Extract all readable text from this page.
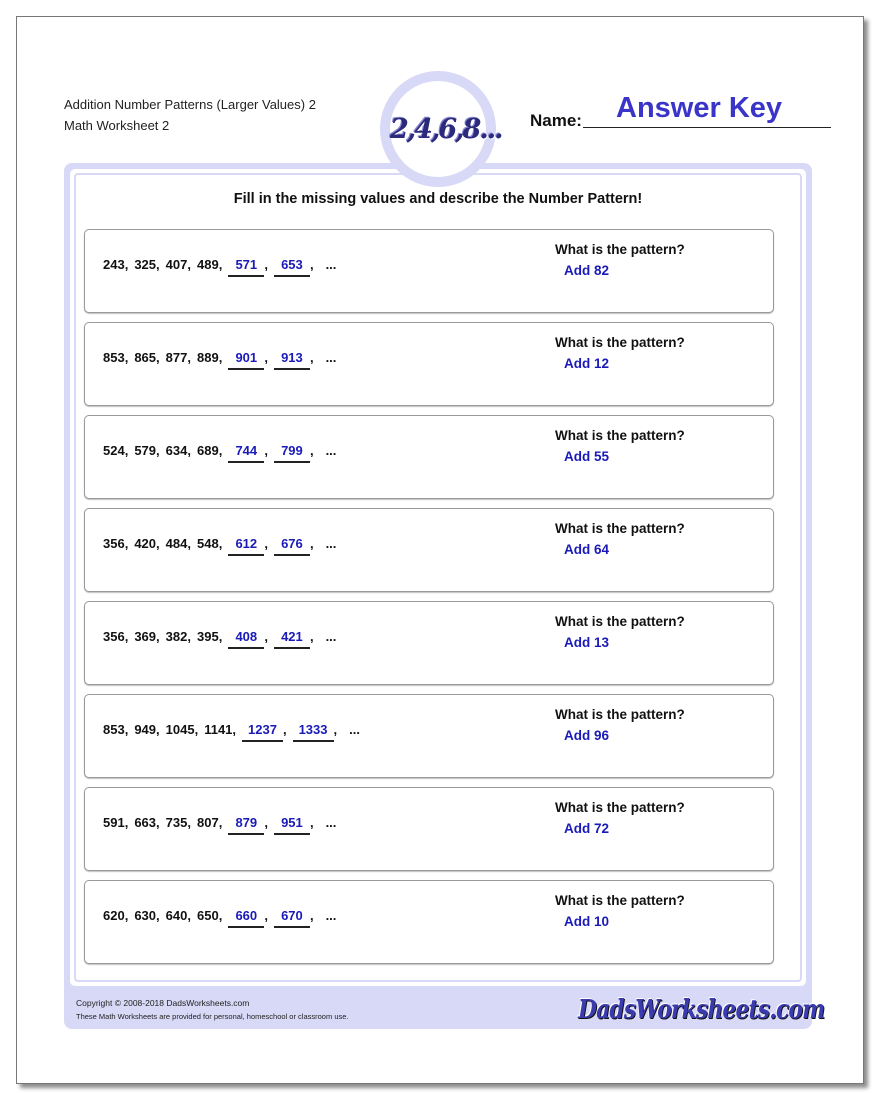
Addition Number Patterns (Larger Values) 2
Math Worksheet 2	2,4,6,8... Name: Answer Key
Fill in the missing values and describe the Number Pattern!
243, 325, 407, 489, 571 , 653 , ...
What is the pattern?
Add 82
853, 865, 877, 889, 901 , 913 , ...
What is the pattern?
Add 12
524, 579, 634, 689, 744 , 799 , ...
What is the pattern?
Add 55
356, 420, 484, 548, 612 , 676 , ...
What is the pattern?
Add 64
356, 369, 382, 395, 408 , 421 , ...
What is the pattern?
Add 13
853, 949, 1045, 1141, 1237 , 1333 , ...
What is the pattern?
Add 96
591, 663, 735, 807, 879 , 951 , ...
What is the pattern?
Add 72
620, 630, 640, 650, 660 , 670 , ...
What is the pattern?
Add 10
Copyright © 2008-2018 DadsWorksheets.com
These Math Worksheets are provided for personal, homeschool or classroom use.	DadsWorksheets.com
